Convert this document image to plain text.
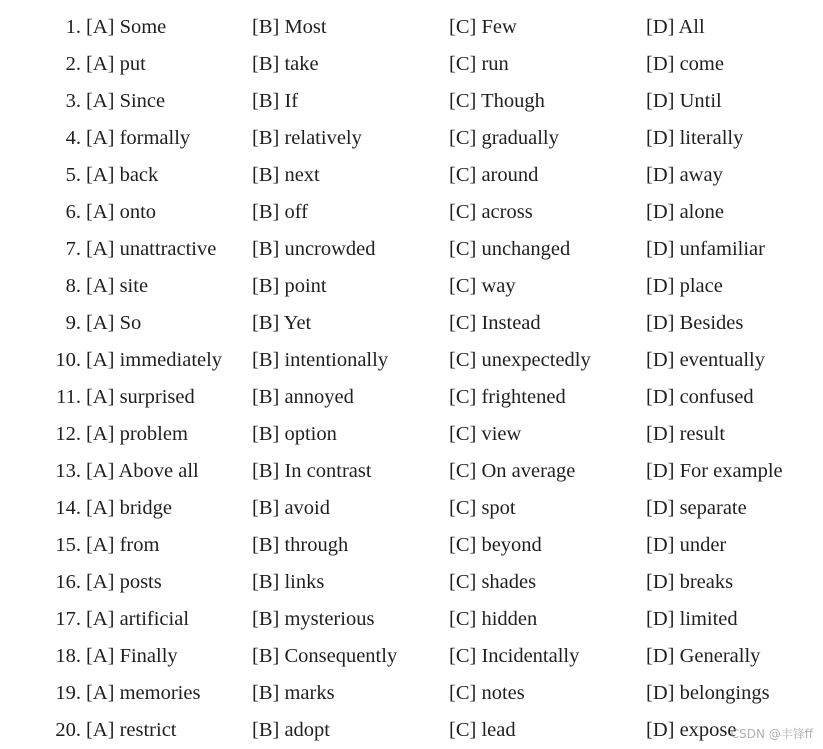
1. [A] Some	[B] Most	[C] Few	[D] All
2. [A] put	[B] take	[C] run	[D] come
3. [A] Since	[B] If	[C] Though	[D] Until
4. [A] formally	[B] relatively	[C] gradually	[D] literally
5. [A] back	[B] next	[C] around	[D] away
6. [A] onto	[B] off	[C] across	[D] alone
7. [A] unattractive [B] uncrowded	[C] unchanged	[D] unfamiliar
8. [A] site	[B] point	[C] way	[D] place
9. [A] So	[B] Yet	[C] Instead	[D] Besides
10. [A] immediately [B] intentionally	[C] unexpectedly	[D] eventually
11. [A] surprised	[B] annoyed	[C] frightened	[D] confused
12. [A] problem	[B] option	[C] view	[D] result
13. [A] Above all	[B] In contrast	[C] On average	[D] For example
14. [A] bridge	[B] avoid	[C] spot	[D] separate
15. [A] from	[B] through	[C] beyond	[D] under
16. [A] posts	[B] links	[C] shades	[D] breaks
17. [A] artificial	[B] mysterious	[C] hidden	[D] limited
18. [A] Finally	[B] Consequently	[C] Incidentally	[D] Generally
19. [A] memories	[B] marks	[C] notes	[D] belongings
20. [A] restrict	[B] adopt	[C] lead	[D] expose
CSDN @丰锋ff
